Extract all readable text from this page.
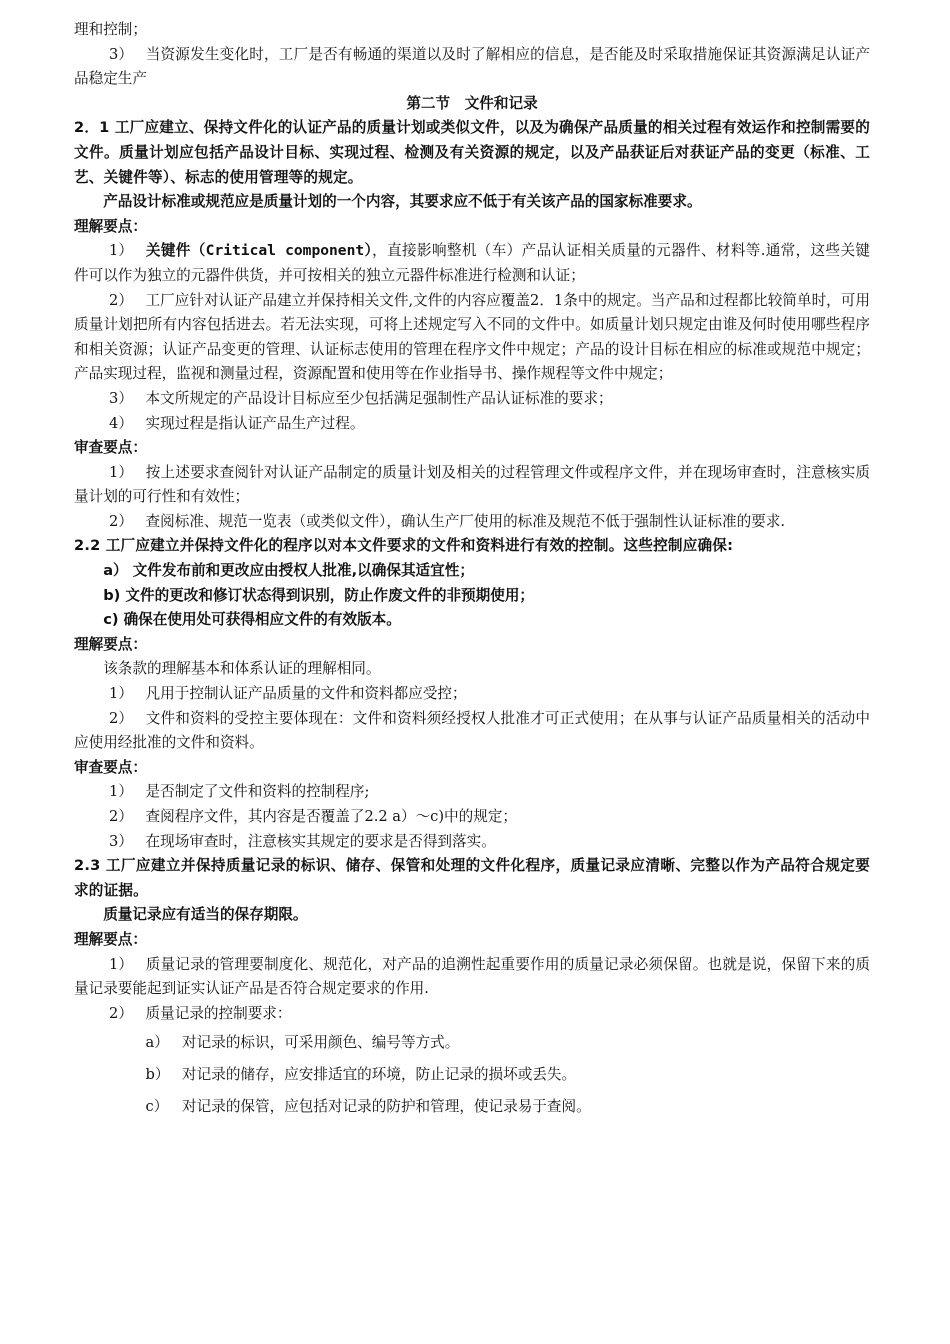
理和控制；

3） 当资源发生变化时，工厂是否有畅通的渠道以及时了解相应的信息，是否能及时采取措施保证其资源满足认证产品稳定生产

第二节　文件和记录

2．1 工厂应建立、保持文件化的认证产品的质量计划或类似文件，以及为确保产品质量的相关过程有效运作和控制需要的文件。质量计划应包括产品设计目标、实现过程、检测及有关资源的规定，以及产品获证后对获证产品的变更（标准、工艺、关键件等）、标志的使用管理等的规定。

产品设计标准或规范应是质量计划的一个内容，其要求应不低于有关该产品的国家标准要求。

理解要点：

1） 关键件（Critical component），直接影响整机（车）产品认证相关质量的元器件、材料等.通常，这些关键件可以作为独立的元器件供货，并可按相关的独立元器件标准进行检测和认证；

2） 工厂应针对认证产品建立并保持相关文件,文件的内容应覆盖2．1条中的规定。当产品和过程都比较简单时，可用质量计划把所有内容包括进去。若无法实现，可将上述规定写入不同的文件中。如质量计划只规定由谁及何时使用哪些程序和相关资源；认证产品变更的管理、认证标志使用的管理在程序文件中规定；产品的设计目标在相应的标准或规范中规定；产品实现过程，监视和测量过程，资源配置和使用等在作业指导书、操作规程等文件中规定；

3） 本文所规定的产品设计目标应至少包括满足强制性产品认证标准的要求；

4） 实现过程是指认证产品生产过程。

审查要点：

1） 按上述要求查阅针对认证产品制定的质量计划及相关的过程管理文件或程序文件，并在现场审查时，注意核实质量计划的可行性和有效性；

2） 查阅标准、规范一览表（或类似文件），确认生产厂使用的标准及规范不低于强制性认证标准的要求.

2.2 工厂应建立并保持文件化的程序以对本文件要求的文件和资料进行有效的控制。这些控制应确保:

a） 文件发布前和更改应由授权人批准,以确保其适宜性；

b) 文件的更改和修订状态得到识别，防止作废文件的非预期使用；

c) 确保在使用处可获得相应文件的有效版本。

理解要点：

该条款的理解基本和体系认证的理解相同。

1） 凡用于控制认证产品质量的文件和资料都应受控；

2） 文件和资料的受控主要体现在：文件和资料须经授权人批准才可正式使用；在从事与认证产品质量相关的活动中应使用经批准的文件和资料。

审查要点：

1） 是否制定了文件和资料的控制程序;

2） 查阅程序文件，其内容是否覆盖了2.2 a）～c)中的规定；

3） 在现场审查时，注意核实其规定的要求是否得到落实。

2.3 工厂应建立并保持质量记录的标识、储存、保管和处理的文件化程序，质量记录应清晰、完整以作为产品符合规定要求的证据。

质量记录应有适当的保存期限。

理解要点：

1） 质量记录的管理要制度化、规范化，对产品的追溯性起重要作用的质量记录必须保留。也就是说，保留下来的质量记录要能起到证实认证产品是否符合规定要求的作用.

2） 质量记录的控制要求：

a） 对记录的标识，可采用颜色、编号等方式。

b） 对记录的储存，应安排适宜的环境，防止记录的损坏或丢失。

c） 对记录的保管，应包括对记录的防护和管理，使记录易于查阅。
